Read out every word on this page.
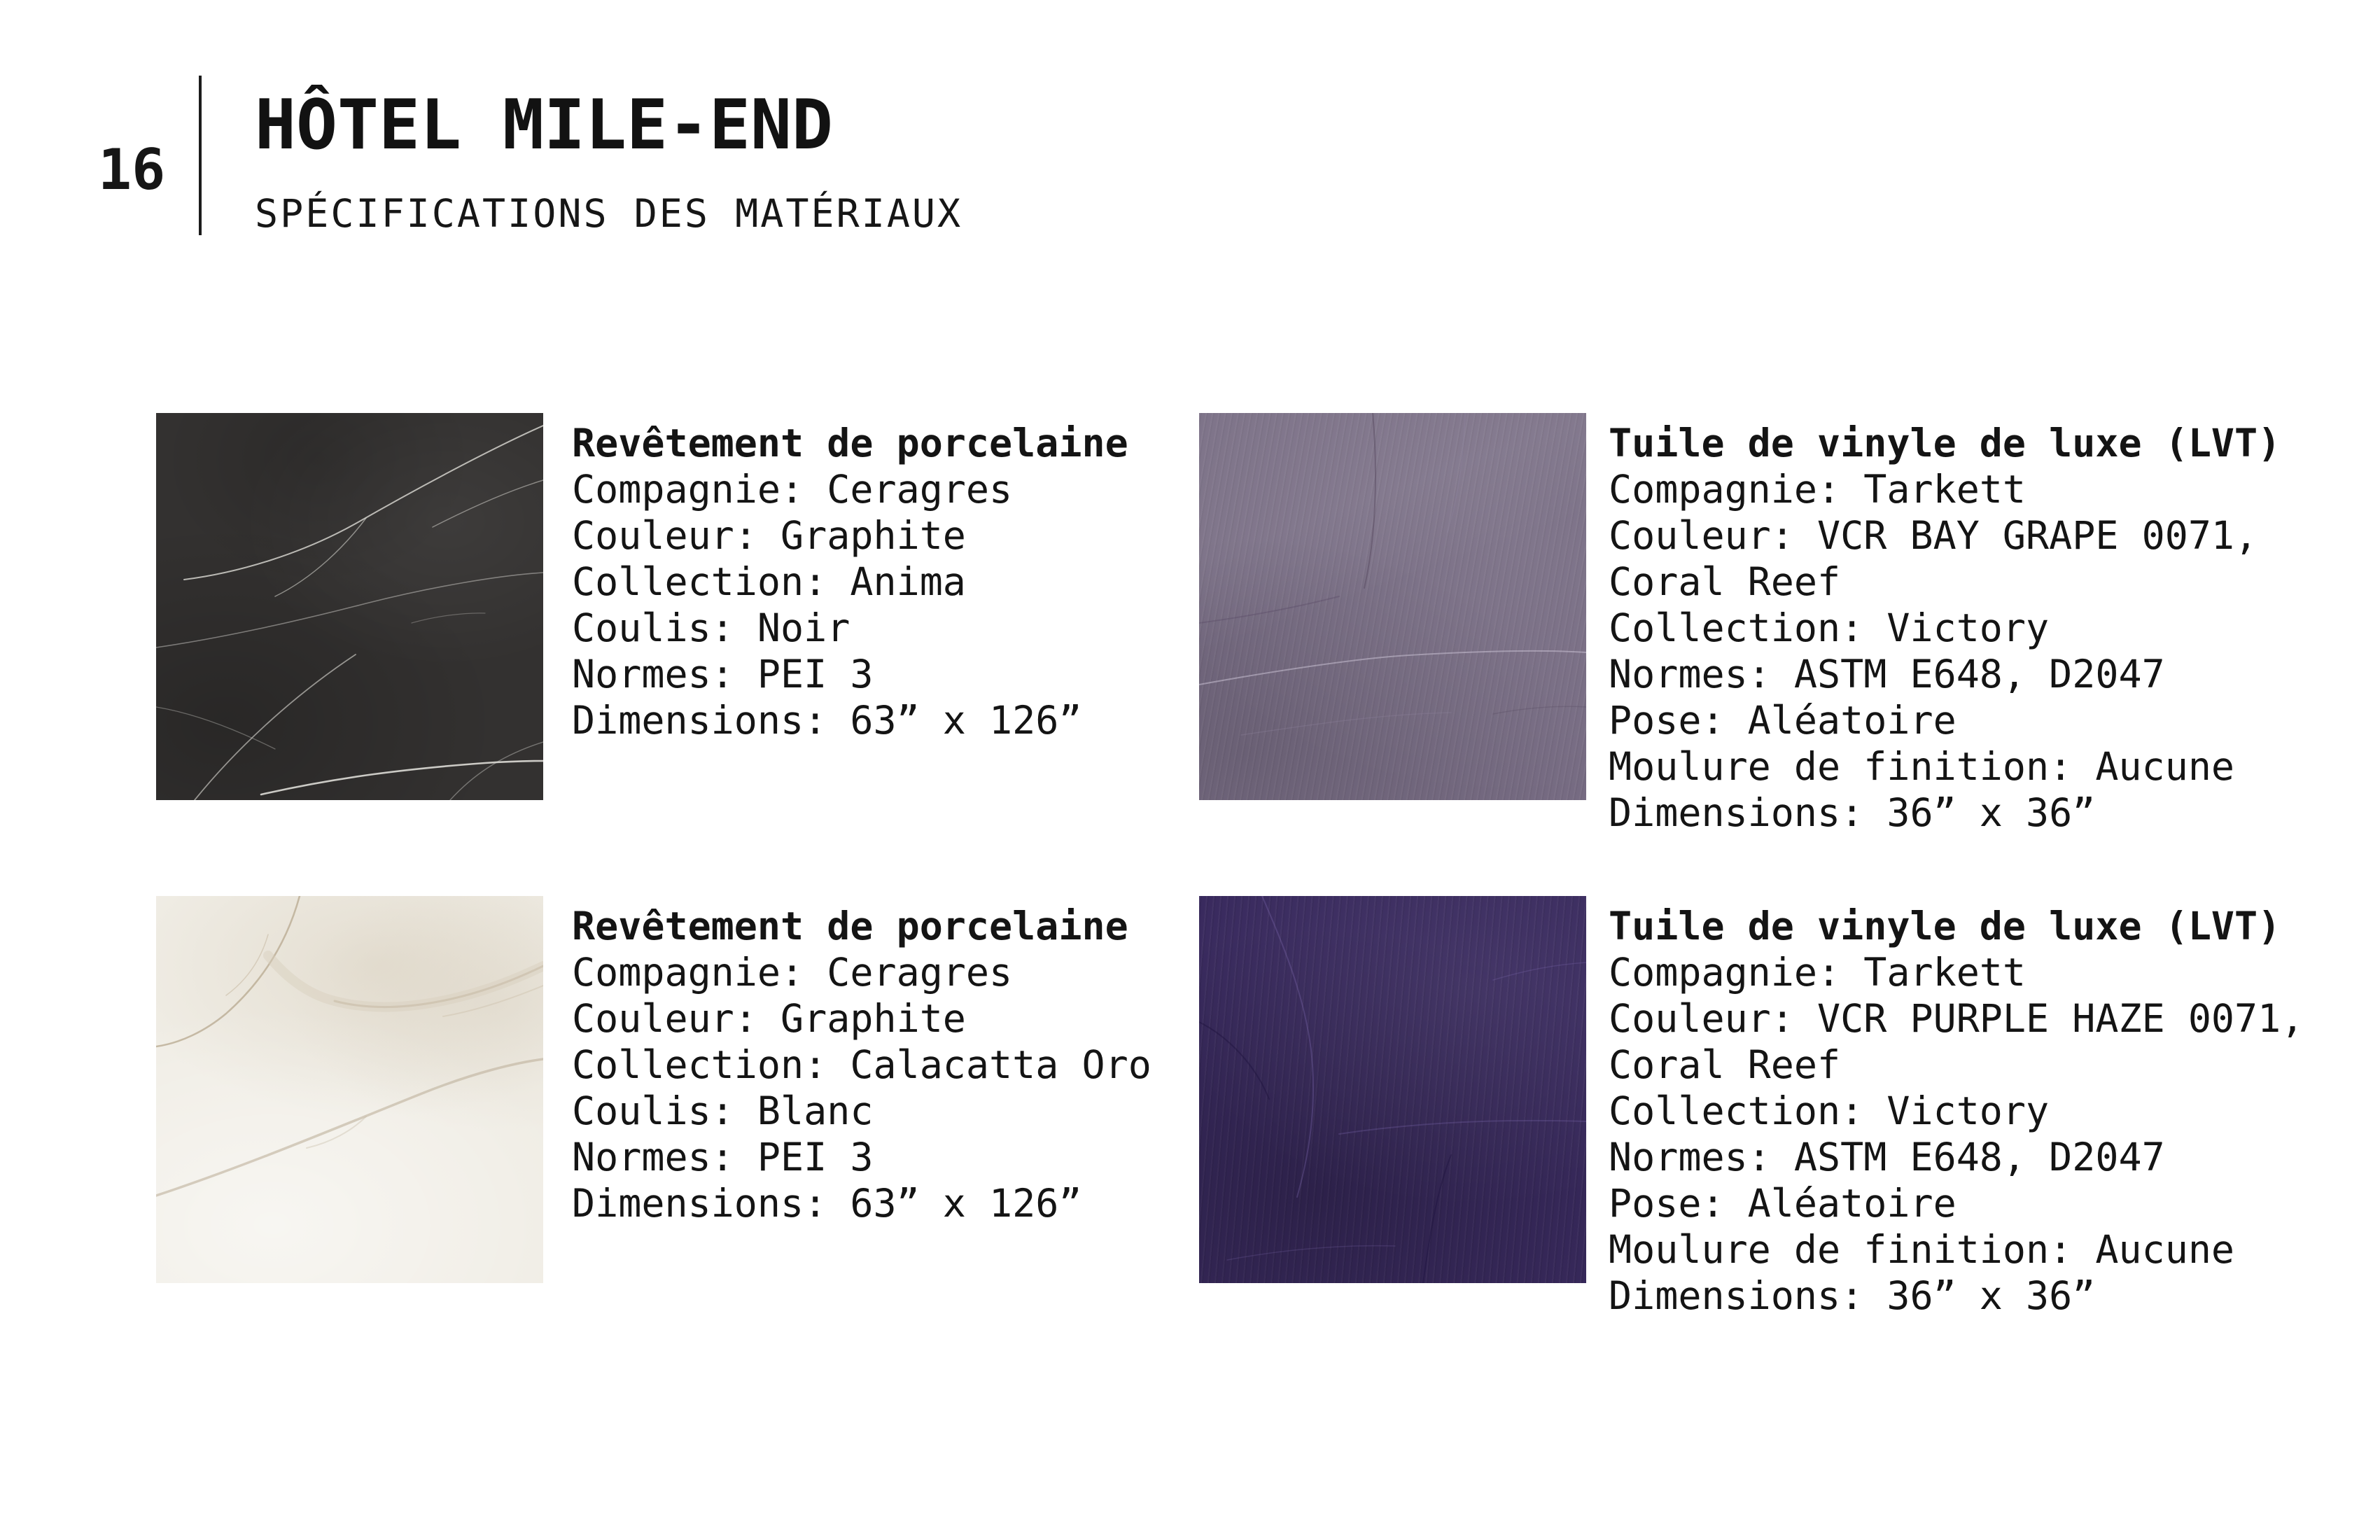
16
HÔTEL MILE-END
SPÉCIFICATIONS DES MATÉRIAUX
Revêtement de porcelaine
Compagnie: Ceragres
Couleur: Graphite
Collection: Anima
Coulis: Noir
Normes: PEI 3
Dimensions: 63” x 126”
Tuile de vinyle de luxe (LVT)
Compagnie: Tarkett
Couleur: VCR BAY GRAPE 0071, Coral Reef
Collection: Victory
Normes: ASTM E648, D2047
Pose: Aléatoire
Moulure de finition: Aucune
Dimensions: 36” x 36”
Revêtement de porcelaine
Compagnie: Ceragres
Couleur: Graphite
Collection: Calacatta Oro
Coulis: Blanc
Normes: PEI 3
Dimensions: 63” x 126”
Tuile de vinyle de luxe (LVT)
Compagnie: Tarkett
Couleur: VCR PURPLE HAZE 0071, Coral Reef
Collection: Victory
Normes: ASTM E648, D2047
Pose: Aléatoire
Moulure de finition: Aucune
Dimensions: 36” x 36”
